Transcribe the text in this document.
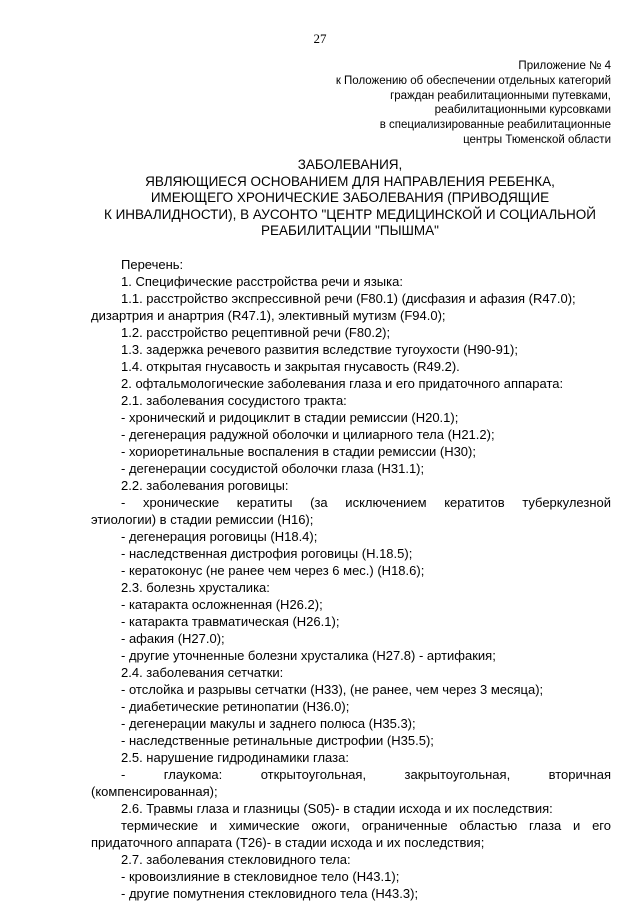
27
Приложение № 4
к Положению об обеспечении отдельных категорий
граждан реабилитационными путевками,
реабилитационными курсовками
в специализированные реабилитационные
центры Тюменской области
ЗАБОЛЕВАНИЯ,
ЯВЛЯЮЩИЕСЯ ОСНОВАНИЕМ ДЛЯ НАПРАВЛЕНИЯ РЕБЕНКА,
ИМЕЮЩЕГО ХРОНИЧЕСКИЕ ЗАБОЛЕВАНИЯ (ПРИВОДЯЩИЕ
К ИНВАЛИДНОСТИ), В АУСОНТО "ЦЕНТР МЕДИЦИНСКОЙ И СОЦИАЛЬНОЙ
РЕАБИЛИТАЦИИ "ПЫШМА"
Перечень:
1. Специфические расстройства речи и языка:
1.1. расстройство экспрессивной речи (F80.1) (дисфазия и афазия (R47.0);
дизартрия и анартрия (R47.1), элективный мутизм (F94.0);
1.2. расстройство рецептивной речи (F80.2);
1.3. задержка речевого развития вследствие тугоухости (H90-91);
1.4. открытая гнусавость и закрытая гнусавость (R49.2).
2. офтальмологические заболевания глаза и его придаточного аппарата:
2.1. заболевания сосудистого тракта:
- хронический и ридоциклит в стадии ремиссии (H20.1);
- дегенерация радужной оболочки и цилиарного тела (H21.2);
- хориоретинальные воспаления в стадии ремиссии (H30);
- дегенерации сосудистой оболочки глаза (H31.1);
2.2. заболевания роговицы:
- хронические кератиты (за исключением кератитов туберкулезной
этиологии) в стадии ремиссии (H16);
- дегенерация роговицы (H18.4);
- наследственная дистрофия роговицы (H.18.5);
- кератоконус (не ранее чем через 6 мес.) (H18.6);
2.3. болезнь хрусталика:
- катаракта осложненная (H26.2);
- катаракта травматическая (H26.1);
- афакия (H27.0);
- другие уточненные болезни хрусталика (H27.8) - артифакия;
2.4. заболевания сетчатки:
- отслойка и разрывы сетчатки (H33), (не ранее, чем через 3 месяца);
- диабетические ретинопатии (H36.0);
- дегенерации макулы и заднего полюса (H35.3);
- наследственные ретинальные дистрофии (H35.5);
2.5. нарушение гидродинамики глаза:
- глаукома: открытоугольная, закрытоугольная, вторичная
(компенсированная);
2.6. Травмы глаза и глазницы (S05)- в стадии исхода и их последствия:
термические и химические ожоги, ограниченные областью глаза и его
придаточного аппарата (T26)- в стадии исхода и их последствия;
2.7. заболевания стекловидного тела:
- кровоизлияние в стекловидное тело (H43.1);
- другие помутнения стекловидного тела (H43.3);
